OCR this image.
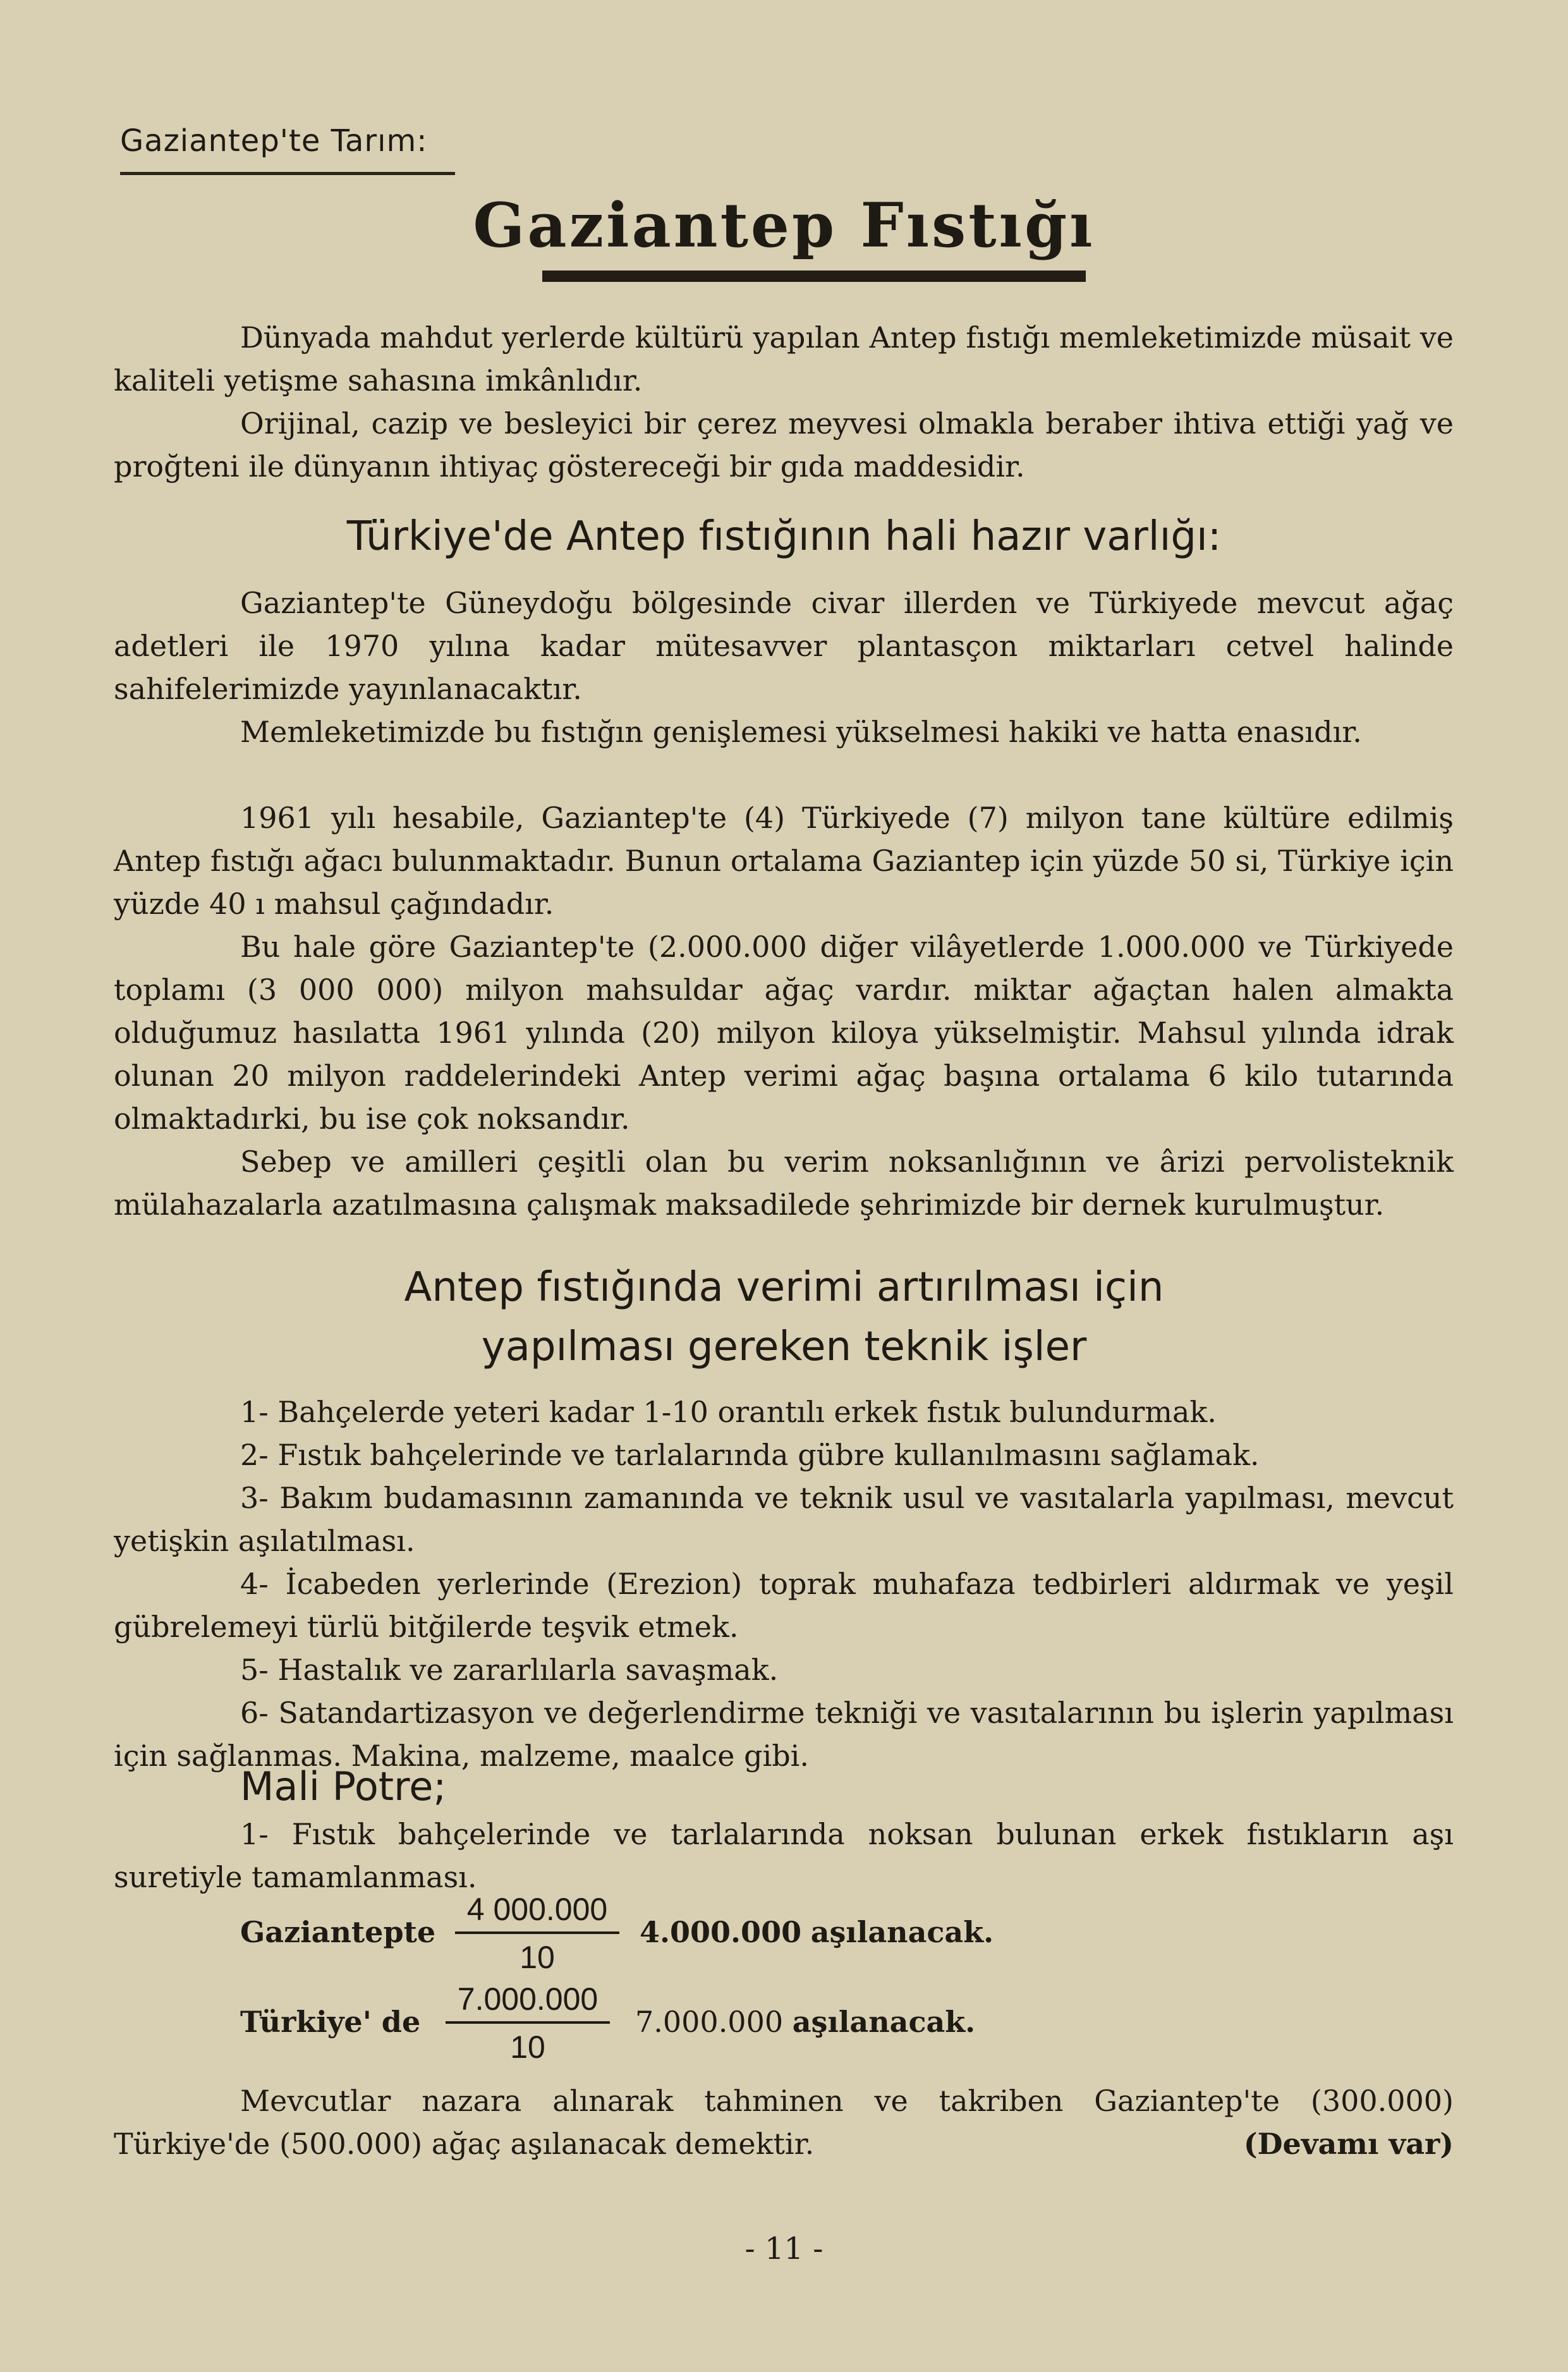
Gaziantep'te Tarım:
Gaziantep Fıstığı
Dünyada mahdut yerlerde kültürü yapılan Antep fıstığı memleketimizde müsait ve kaliteli yetişme sahasına imkânlıdır.
Orijinal, cazip ve besleyici bir çerez meyvesi olmakla beraber ihtiva ettiği yağ ve proğteni ile dünyanın ihtiyaç göstereceği bir gıda maddesidir.
Türkiye'de Antep fıstığının hali hazır varlığı:
Gaziantep'te Güneydoğu bölgesinde civar illerden ve Türkiyede mevcut ağaç adetleri ile 1970 yılına kadar mütesavver plantasçon miktarları cetvel halinde sahifelerimizde yayınlanacaktır.
Memleketimizde bu fıstığın genişlemesi yükselmesi hakiki ve hatta enasıdır.
1961 yılı hesabile, Gaziantep'te (4) Türkiyede (7) milyon tane kültüre edilmiş Antep fıstığı ağacı bulunmaktadır. Bunun ortalama Gaziantep için yüzde 50 si, Türkiye için yüzde 40 ı mahsul çağındadır.
Bu hale göre Gaziantep'te (2.000.000 diğer vilâyetlerde 1.000.000 ve Türkiyede toplamı (3 000 000) milyon mahsuldar ağaç vardır. miktar ağaçtan halen almakta olduğumuz hasılatta 1961 yılında (20) milyon kiloya yükselmiştir. Mahsul yılında idrak olunan 20 milyon raddelerindeki Antep verimi ağaç başına ortalama 6 kilo tutarında olmaktadırki, bu ise çok noksandır.
Sebep ve amilleri çeşitli olan bu verim noksanlığının ve ârizi pervolisteknik mülahazalarla azatılmasına çalışmak maksadilede şehrimizde bir dernek kurulmuştur.
Antep fıstığında verimi artırılması için
yapılması gereken teknik işler
1- Bahçelerde yeteri kadar 1-10 orantılı erkek fıstık bulundurmak.
2- Fıstık bahçelerinde ve tarlalarında gübre kullanılmasını sağlamak.
3- Bakım budamasının zamanında ve teknik usul ve vasıtalarla yapılması, mevcut yetişkin aşılatılması.
4- İcabeden yerlerinde (Erezion) toprak muhafaza tedbirleri aldırmak ve yeşil gübrelemeyi türlü bitğilerde teşvik etmek.
5- Hastalık ve zararlılarla savaşmak.
6- Satandartizasyon ve değerlendirme tekniği ve vasıtalarının bu işlerin yapılması için sağlanmas. Makina, malzeme, maalce gibi.
Mali Potre;
1- Fıstık bahçelerinde ve tarlalarında noksan bulunan erkek fıstıkların aşı suretiyle tamamlanması.
Gaziantepte $\frac{4 000.000}{10} 4.000.000$ aşılanacak.
Türkiye' de $\frac{7.000.000}{10} 7.000.000$ aşılanacak.
Mevcutlar nazara alınarak tahminen ve takriben Gaziantep'te (300.000) Türkiye'de (500.000) ağaç aşılanacak demektir.	(Devamı var)
- 11 -
